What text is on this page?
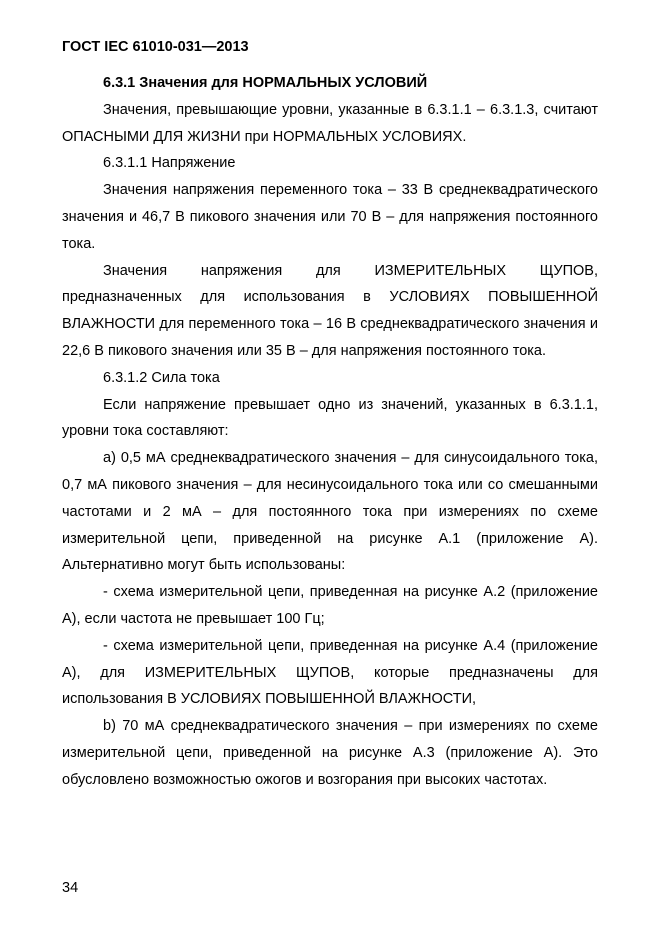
ГОСТ IEC 61010-031—2013

6.3.1 Значения для НОРМАЛЬНЫХ УСЛОВИЙ

Значения, превышающие уровни, указанные в 6.3.1.1 – 6.3.1.3, считают ОПАСНЫМИ ДЛЯ ЖИЗНИ при НОРМАЛЬНЫХ УСЛОВИЯХ.

6.3.1.1 Напряжение

Значения напряжения переменного тока – 33 В среднеквадратического значения и 46,7 В пикового значения или 70 В – для напряжения постоянного тока.

Значения напряжения для ИЗМЕРИТЕЛЬНЫХ ЩУПОВ, предназначенных для использования в УСЛОВИЯХ ПОВЫШЕННОЙ ВЛАЖНОСТИ для переменного тока – 16 В среднеквадратического значения и 22,6 В пикового значения или 35 В – для напряжения постоянного тока.

6.3.1.2 Сила тока

Если напряжение превышает одно из значений, указанных в 6.3.1.1, уровни тока составляют:

a) 0,5 мА среднеквадратического значения – для синусоидального тока, 0,7 мА пикового значения – для несинусоидального тока или со смешанными частотами и 2 мА – для постоянного тока при измерениях по схеме измерительной цепи, приведенной на рисунке А.1 (приложение А). Альтернативно могут быть использованы:

- схема измерительной цепи, приведенная на рисунке А.2 (приложение А), если частота не превышает 100 Гц;

- схема измерительной цепи, приведенная на рисунке А.4 (приложение А), для ИЗМЕРИТЕЛЬНЫХ ЩУПОВ, которые предназначены для использования В УСЛОВИЯХ ПОВЫШЕННОЙ ВЛАЖНОСТИ,

b) 70 мА среднеквадратического значения – при измерениях по схеме измерительной цепи, приведенной на рисунке А.3 (приложение А). Это обусловлено возможностью ожогов и возгорания при высоких частотах.

34
